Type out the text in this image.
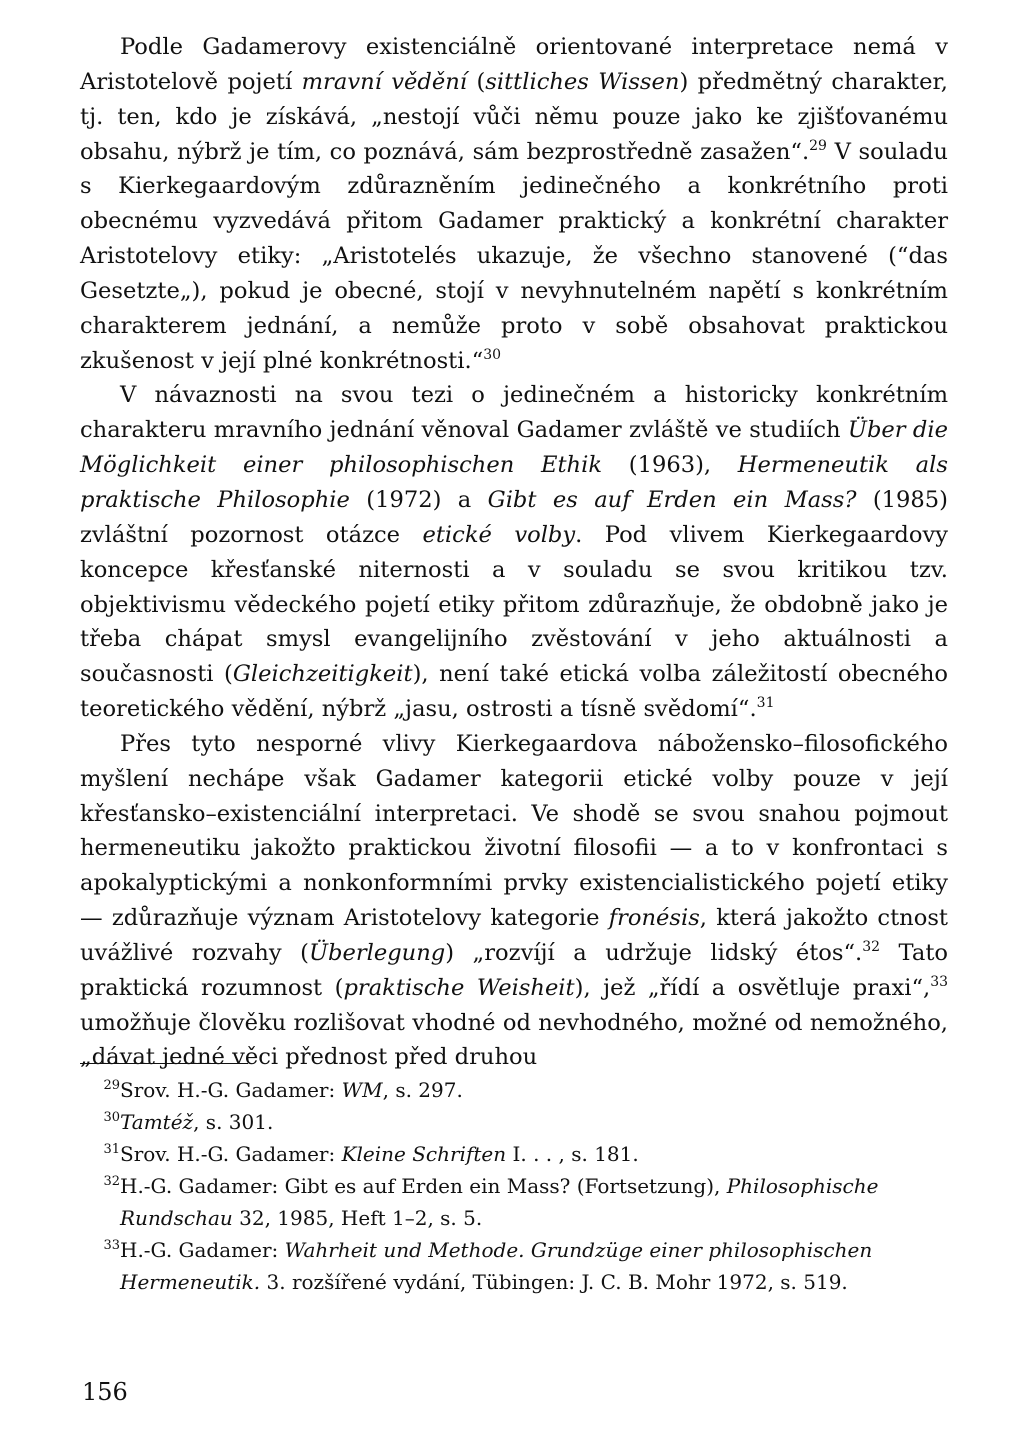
Podle Gadamerovy existenciálně orientované interpretace nemá v Aristotelově pojetí mravní vědění (sittliches Wissen) předmětný charakter, tj. ten, kdo je získává, „nestojí vůči němu pouze jako ke zjišťovanému obsahu, nýbrž je tím, co poznává, sám bezprostředně zasažen“.$^{29}$ V souladu s Kierkegaardovým zdůrazněním jedinečného a konkrétního proti obecnému vyzvedává přitom Gadamer praktický a konkrétní charakter Aristotelovy etiky: „Aristotelés ukazuje, že všechno stanovené (“das Gesetzte„), pokud je obecné, stojí v nevyhnutelném napětí s konkrétním charakterem jednání, a nemůže proto v sobě obsahovat praktickou zkušenost v její plné konkrétnosti.“$^{30}$

V návaznosti na svou tezi o jedinečném a historicky konkrétním charakteru mravního jednání věnoval Gadamer zvláště ve studiích Über die Möglichkeit einer philosophischen Ethik (1963), Hermeneutik als praktische Philosophie (1972) a Gibt es auf Erden ein Mass? (1985) zvláštní pozornost otázce etické volby. Pod vlivem Kierkegaardovy koncepce křesťanské niternosti a v souladu se svou kritikou tzv. objektivismu vědeckého pojetí etiky přitom zdůrazňuje, že obdobně jako je třeba chápat smysl evangelijního zvěstování v jeho aktuálnosti a současnosti (Gleichzeitigkeit), není také etická volba záležitostí obecného teoretického vědění, nýbrž „jasu, ostrosti a tísně svědomí“.$^{31}$

Přes tyto nesporné vlivy Kierkegaardova nábožensko–filosofického myšlení nechápe však Gadamer kategorii etické volby pouze v její křesťansko–existenciální interpretaci. Ve shodě se svou snahou pojmout hermeneutiku jakožto praktickou životní filosofii — a to v konfrontaci s apokalyptickými a nonkonformními prvky existencialistického pojetí etiky — zdůrazňuje význam Aristotelovy kategorie fronésis, která jakožto ctnost uvážlivé rozvahy (Überlegung) „rozvíjí a udržuje lidský étos“.$^{32}$ Tato praktická rozumnost (praktische Weisheit), jež „řídí a osvětluje praxi“,$^{33}$ umožňuje člověku rozlišovat vhodné od nevhodného, možné od nemožného, „dávat jedné věci přednost před druhou

$^{29}$Srov. H.-G. Gadamer: WM, s. 297.

$^{30}$Tamtéž, s. 301.

$^{31}$Srov. H.-G. Gadamer: Kleine Schriften I. . . , s. 181.

$^{32}$H.-G. Gadamer: Gibt es auf Erden ein Mass? (Fortsetzung), Philosophische Rundschau 32, 1985, Heft 1–2, s. 5.

$^{33}$H.-G. Gadamer: Wahrheit und Methode. Grundzüge einer philosophischen Hermeneutik. 3. rozšířené vydání, Tübingen: J. C. B. Mohr 1972, s. 519.

156
